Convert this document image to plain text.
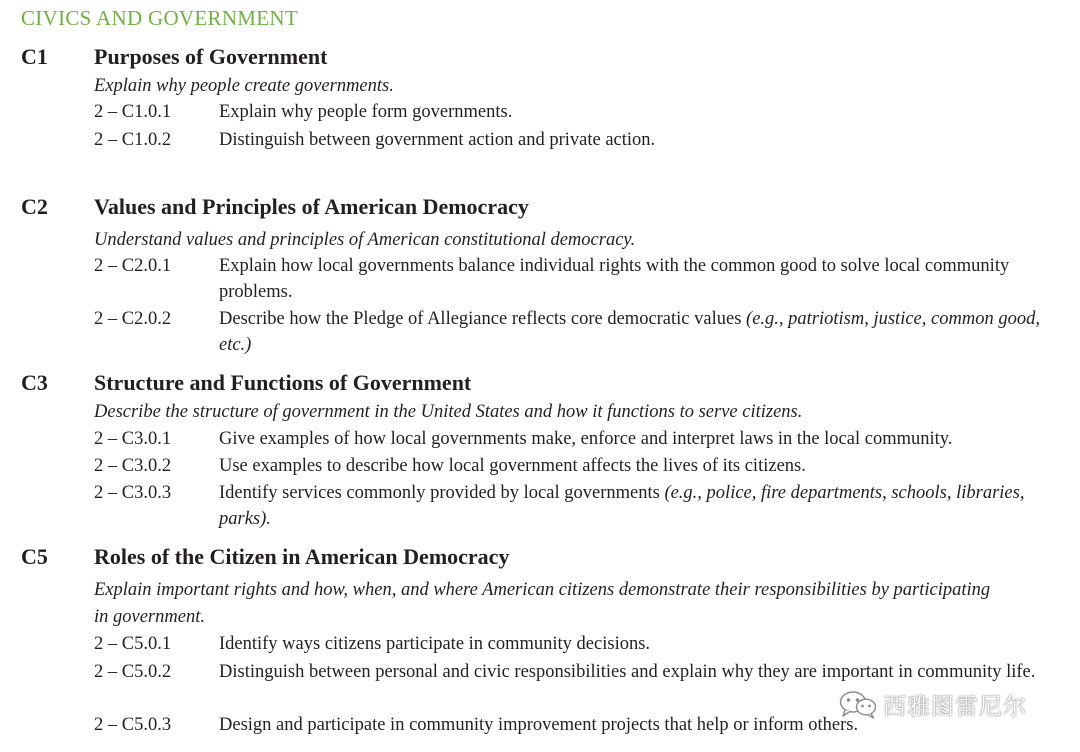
CIVICS AND GOVERNMENT
C1 Purposes of Government
Explain why people create governments.
2 – C1.0.1	Explain why people form governments.
2 – C1.0.2	Distinguish between government action and private action.
C2 Values and Principles of American Democracy
Understand values and principles of American constitutional democracy.
2 – C2.0.1	Explain how local governments balance individual rights with the common good to solve local community problems.
2 – C2.0.2	Describe how the Pledge of Allegiance reflects core democratic values (e.g., patriotism, justice, common good, etc.)
C3 Structure and Functions of Government
Describe the structure of government in the United States and how it functions to serve citizens.
2 – C3.0.1	Give examples of how local governments make, enforce and interpret laws in the local community.
2 – C3.0.2	Use examples to describe how local government affects the lives of its citizens.
2 – C3.0.3	Identify services commonly provided by local governments (e.g., police, fire departments, schools, libraries, parks).
C5 Roles of the Citizen in American Democracy
Explain important rights and how, when, and where American citizens demonstrate their responsibilities by participating in government.
2 – C5.0.1	Identify ways citizens participate in community decisions.
2 – C5.0.2	Distinguish between personal and civic responsibilities and explain why they are important in community life.
2 – C5.0.3	Design and participate in community improvement projects that help or inform others.
西雅图雷尼尔
